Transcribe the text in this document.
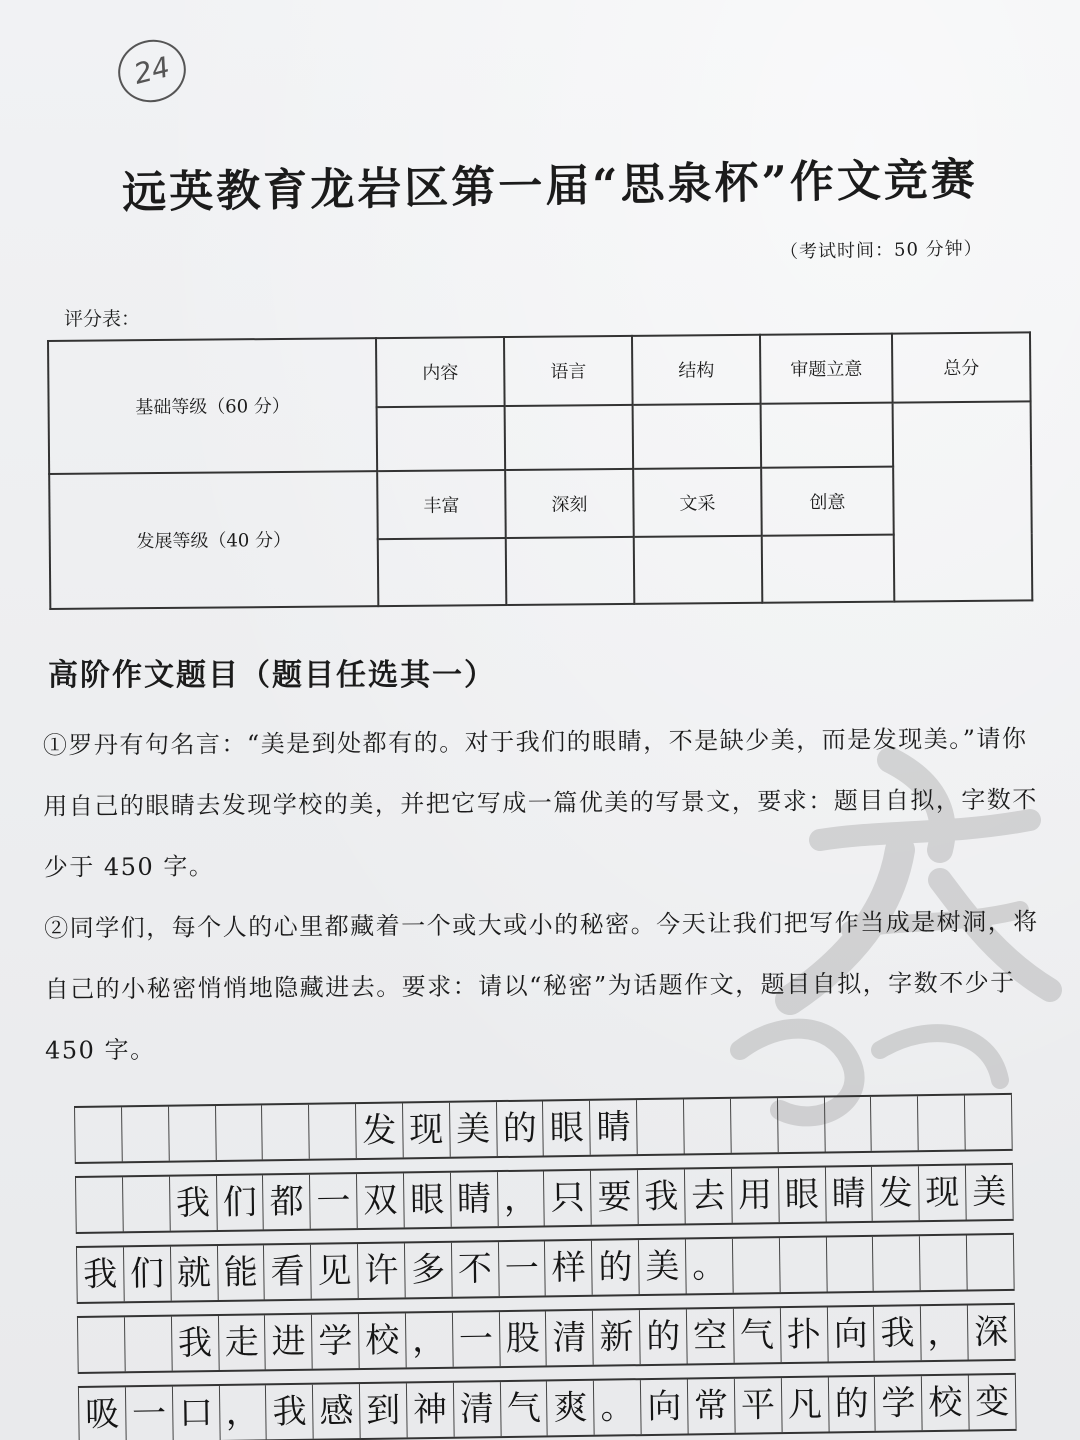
24
远英教育龙岩区第一届“思泉杯”作文竞赛
（考试时间：50 分钟）
评分表：
基础等级（60 分）	内容	语言	结构	审题立意	总分

发展等级（40 分）	丰富	深刻	文采	创意	

高阶作文题目（题目任选其一）

①罗丹有句名言：“美是到处都有的。对于我们的眼睛，不是缺少美，而是发现美。”请你用自己的眼睛去发现学校的美，并把它写成一篇优美的写景文，要求：题目自拟，字数不少于 450 字。

②同学们，每个人的心里都藏着一个或大或小的秘密。今天让我们把写作当成是树洞，将自己的小秘密悄悄地隐藏进去。要求：请以“秘密”为话题作文，题目自拟，字数不少于 450 字。

发 现 美 的 眼 睛
我 们 都 一 双 眼 睛 ， 只 要 我 去 用 眼 睛 发 现 美
我 们 就 能 看 见 许 多 不 一 样 的 美 。
我 走 进 学 校 ， 一 股 清 新 的 空 气 扑 向 我 ， 深
吸 一 口 ， 我 感 到 神 清 气 爽 。 向 常 平 凡 的 学 校 变
